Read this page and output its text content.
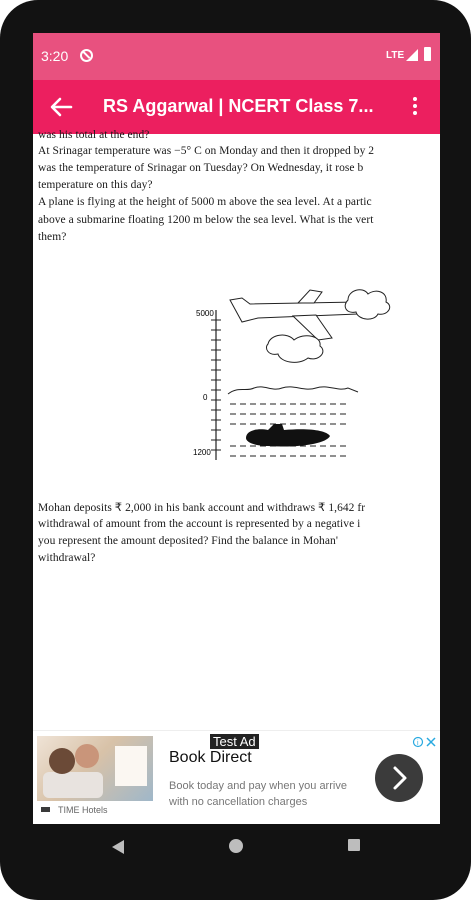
3:20	LTE
RS Aggarwal | NCERT Class 7...
was his total at the end?
At Srinagar temperature was −5° C on Monday and then it dropped by 2
was the temperature of Srinagar on Tuesday? On Wednesday, it rose b
temperature on this day?
A plane is flying at the height of 5000 m above the sea level. At a partic
above a submarine floating 1200 m below the sea level. What is the vert
them?
5000
0
1200
Mohan deposits ₹ 2,000 in his bank account and withdraws ₹ 1,642 fr
withdrawal of amount from the account is represented by a negative i
you represent the amount deposited? Find the balance in Mohan'
withdrawal?
TIME Hotels
Test Ad
Book Direct
Book today and pay when you arrive with no cancellation charges
i
